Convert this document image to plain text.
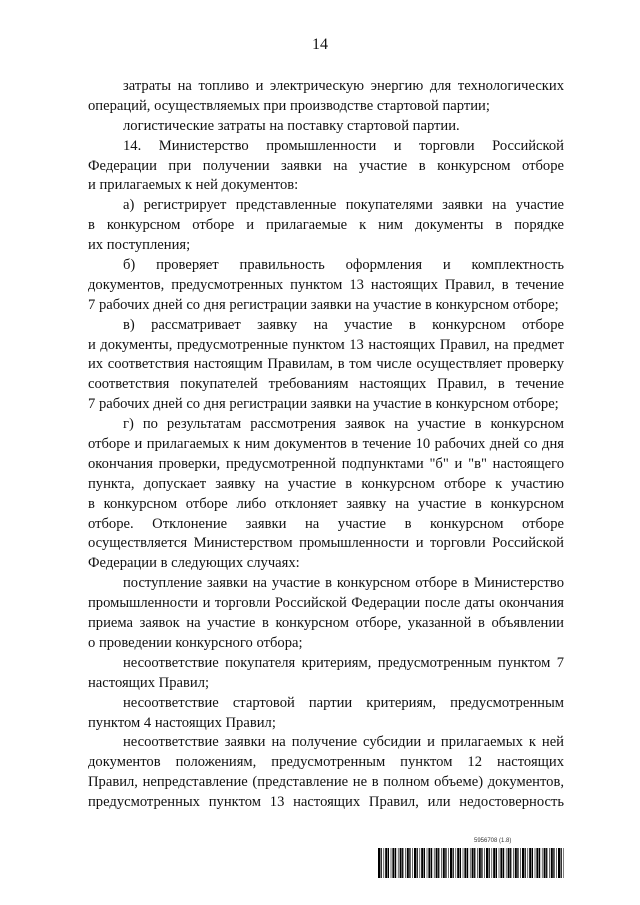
14
затраты на топливо и электрическую энергию для технологических
операций, осуществляемых при производстве стартовой партии;
логистические затраты на поставку стартовой партии.
14. Министерство промышленности и торговли Российской
Федерации при получении заявки на участие в конкурсном отборе
и прилагаемых к ней документов:
а) регистрирует представленные покупателями заявки на участие
в конкурсном отборе и прилагаемые к ним документы в порядке
их поступления;
б) проверяет правильность оформления и комплектность
документов, предусмотренных пунктом 13 настоящих Правил, в течение
7 рабочих дней со дня регистрации заявки на участие в конкурсном отборе;
в) рассматривает заявку на участие в конкурсном отборе
и документы, предусмотренные пунктом 13 настоящих Правил, на предмет
их соответствия настоящим Правилам, в том числе осуществляет проверку
соответствия покупателей требованиям настоящих Правил, в течение
7 рабочих дней со дня регистрации заявки на участие в конкурсном отборе;
г) по результатам рассмотрения заявок на участие в конкурсном
отборе и прилагаемых к ним документов в течение 10 рабочих дней со дня
окончания проверки, предусмотренной подпунктами "б" и "в" настоящего
пункта, допускает заявку на участие в конкурсном отборе к участию
в конкурсном отборе либо отклоняет заявку на участие в конкурсном
отборе. Отклонение заявки на участие в конкурсном отборе
осуществляется Министерством промышленности и торговли Российской
Федерации в следующих случаях:
поступление заявки на участие в конкурсном отборе в Министерство
промышленности и торговли Российской Федерации после даты окончания
приема заявок на участие в конкурсном отборе, указанной в объявлении
о проведении конкурсного отбора;
несоответствие покупателя критериям, предусмотренным пунктом 7
настоящих Правил;
несоответствие стартовой партии критериям, предусмотренным
пунктом 4 настоящих Правил;
несоответствие заявки на получение субсидии и прилагаемых к ней
документов положениям, предусмотренным пунктом 12 настоящих
Правил, непредставление (представление не в полном объеме) документов,
предусмотренных пунктом 13 настоящих Правил, или недостоверность
5956708 (1.8)
